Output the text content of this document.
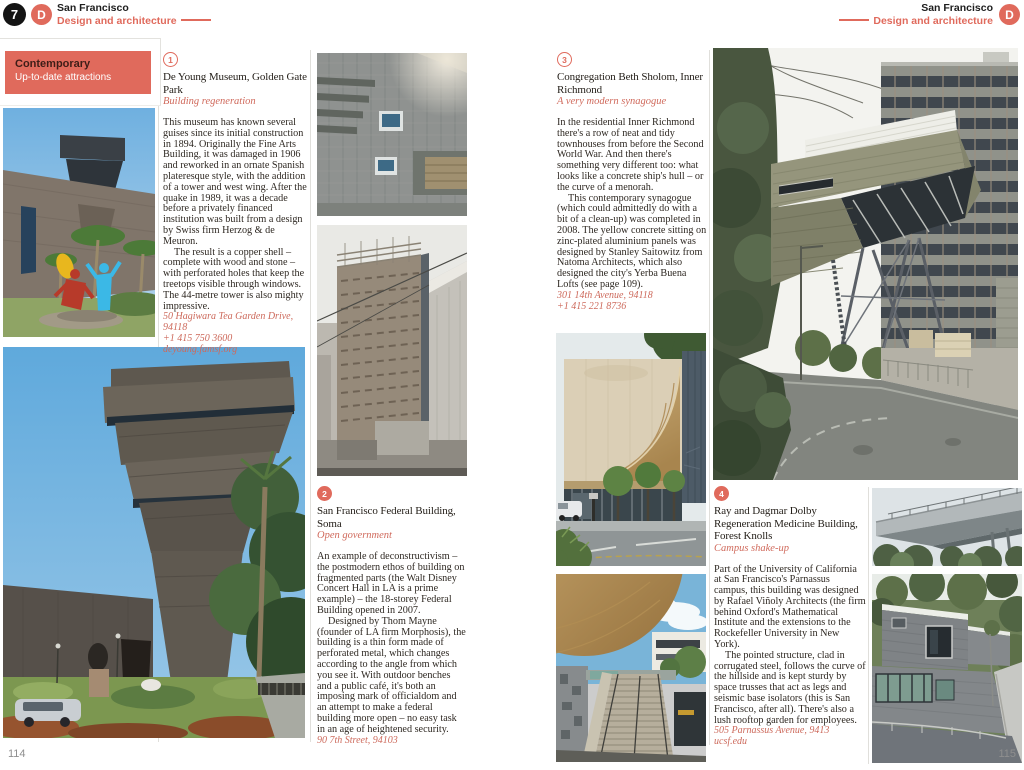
7	D	San Francisco
Design and architecture
San Francisco
Design and architecture	D
Contemporary
Up-to-date attractions
1
De Young Museum, Golden Gate Park
Building regeneration

This museum has known several guises since its initial construction in 1894. Originally the Fine Arts Building, it was damaged in 1906 and reworked in an ornate Spanish plateresque style, with the addition of a tower and west wing. After the quake in 1989, it was a decade before a privately financed institution was built from a design by Swiss firm Herzog & de Meuron.

The result is a copper shell – complete with wood and stone – with perforated holes that keep the treetops visible through windows. The 44-metre tower is also mighty impressive.

50 Hagiwara Tea Garden Drive, 94118
+1 415 750 3600
deyoung.famsf.org
2
San Francisco Federal Building, Soma
Open government

An example of deconstructivism – the postmodern ethos of building on fragmented parts (the Walt Disney Concert Hall in LA is a prime example) – the 18-storey Federal Building opened in 2007.

Designed by Thom Mayne (founder of LA firm Morphosis), the building is a thin form made of perforated metal, which changes according to the angle from which you see it. With outdoor benches and a public café, it's both an imposing mark of officialdom and an attempt to make a federal building more open – no easy task in an age of heightened security.

90 7th Street, 94103
3
Congregation Beth Sholom, Inner Richmond
A very modern synagogue

In the residential Inner Richmond there's a row of neat and tidy townhouses from before the Second World War. And then there's something very different too: what looks like a concrete ship's hull – or the curve of a menorah.

This contemporary synagogue (which could admittedly do with a bit of a clean-up) was completed in 2008. The yellow concrete sitting on zinc-plated aluminium panels was designed by Stanley Saitowitz from Natoma Architects, which also designed the city's Yerba Buena Lofts (see page 109).

301 14th Avenue, 94118
+1 415 221 8736
4
Ray and Dagmar Dolby Regeneration Medicine Building, Forest Knolls
Campus shake-up

Part of the University of California at San Francisco's Parnassus campus, this building was designed by Rafael Viñoly Architects (the firm behind Oxford's Mathematical Institute and the extensions to the Rockefeller University in New York).

The pointed structure, clad in corrugated steel, follows the curve of the hillside and is kept sturdy by space trusses that act as legs and seismic base isolators (this is San Francisco, after all). There's also a lush rooftop garden for employees.

505 Parnassus Avenue, 9413
ucsf.edu
114	115
